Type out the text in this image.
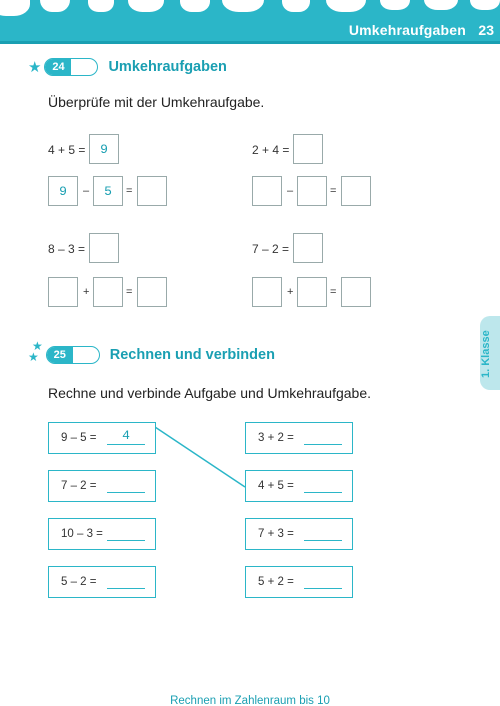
Umkehraufgaben 23
★ 24	Umkehraufgaben
Überprüfe mit der Umkehraufgabe.
4 + 5 =	9
9	–	5	=
2 + 4 =
–	=
8 – 3 =
+	=
7 – 2 =
+	=
★
★	25	Rechnen und verbinden
Rechne und verbinde Aufgabe und Umkehraufgabe.
9 – 5 =	4
7 – 2 =
10 – 3 =
5 – 2 =
3 + 2 =
4 + 5 =
7 + 3 =
5 + 2 =
1. Klasse
Rechnen im Zahlenraum bis 10
